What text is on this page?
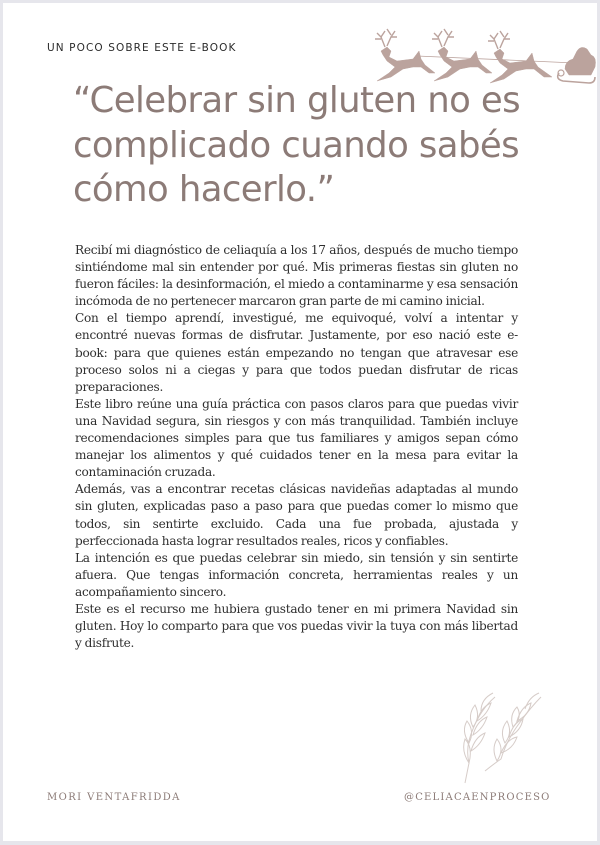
UN POCO SOBRE ESTE E-BOOK
“Celebrar sin gluten no es
complicado cuando sabés
cómo hacerlo.”

Recibí mi diagnóstico de celiaquía a los 17 años, después de mucho tiempo sintiéndome mal sin entender por qué. Mis primeras fiestas sin gluten no fueron fáciles: la desinformación, el miedo a contaminarme y esa sensación incómoda de no pertenecer marcaron gran parte de mi camino inicial.

Con el tiempo aprendí, investigué, me equivoqué, volví a intentar y encontré nuevas formas de disfrutar. Justamente, por eso nació este e-book: para que quienes están empezando no tengan que atravesar ese proceso solos ni a ciegas y para que todos puedan disfrutar de ricas preparaciones.

Este libro reúne una guía práctica con pasos claros para que puedas vivir una Navidad segura, sin riesgos y con más tranquilidad. También incluye recomendaciones simples para que tus familiares y amigos sepan cómo manejar los alimentos y qué cuidados tener en la mesa para evitar la contaminación cruzada.

Además, vas a encontrar recetas clásicas navideñas adaptadas al mundo sin gluten, explicadas paso a paso para que puedas comer lo mismo que todos, sin sentirte excluido. Cada una fue probada, ajustada y perfeccionada hasta lograr resultados reales, ricos y confiables.

La intención es que puedas celebrar sin miedo, sin tensión y sin sentirte afuera. Que tengas información concreta, herramientas reales y un acompañamiento sincero.

Este es el recurso me hubiera gustado tener en mi primera Navidad sin gluten. Hoy lo comparto para que vos puedas vivir la tuya con más libertad y disfrute.

MORI VENTAFRIDDA	@CELIACAENPROCESO
